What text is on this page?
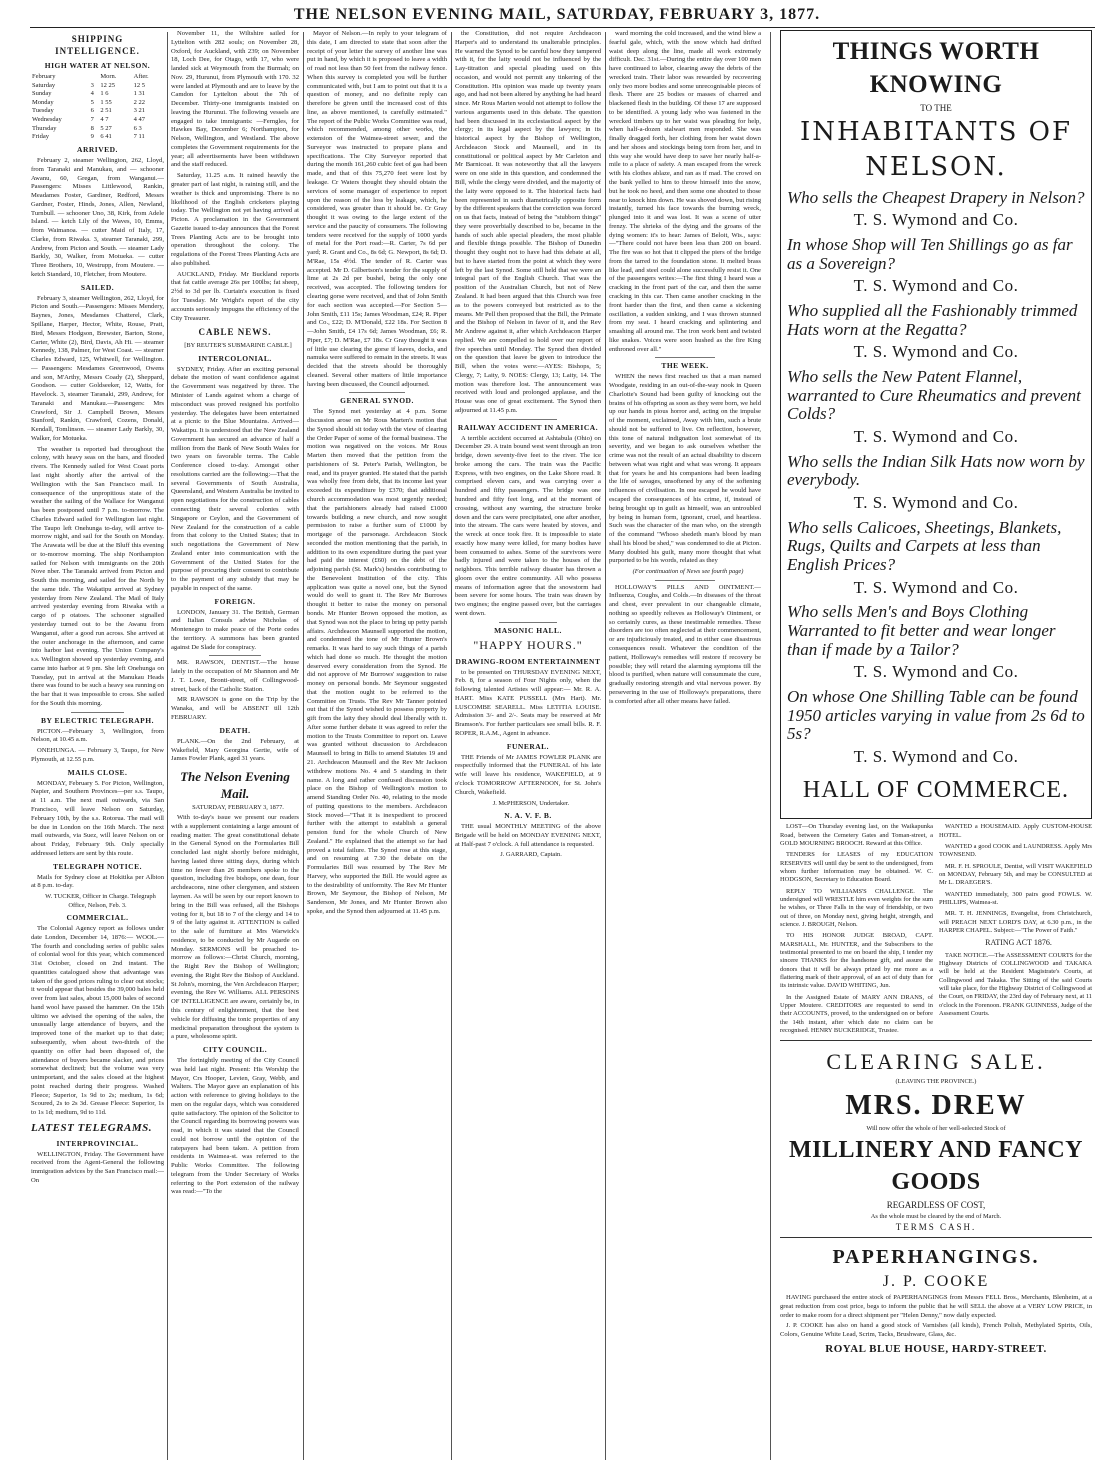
THE NELSON EVENING MAIL, SATURDAY, FEBRUARY 3, 1877.
SHIPPING INTELLIGENCE.
HIGH WATER AT NELSON.
February		Morn.	After.
Saturday	3	12 25	12 5
Sunday	4	1 6	1 31
Monday	5	1 55	2 22
Tuesday	6	2 51	3 21
Wednesday	7	4 7	4 47
Thursday	8	5 27	6 3
Friday	9	6 41	7 11
ARRIVED.

February 2, steamer Wellington, 262, Lloyd, from Taranaki and Manukau, and — schooner Awanu, 60, Gregan, from Wanganui.—Passengers: Misses Littlewood, Rankin, Meadames Foster, Gardiner, Redford, Messrs Gardner, Foster, Hinds, Jones, Allen, Newland, Turnbull. — schooner Uno, 38, Kirk, from Adele Island. — ketch Lily of the Waves, 10, Emms, from Waimanoa. — cutter Maid of Italy, 17, Clarke, from Riwaka. 3, steamer Taranaki, 299, Andrew, from Picton and South. — steamer Lady Barkly, 30, Walker, from Motueka. — cutter Three Brothers, 10, Westrupp, from Moutere. — ketch Standard, 10, Fletcher, from Moutere.

SAILED.

February 3, steamer Wellington, 262, Lloyd, for Picton and South.—Passengers: Misses Mendery, Baynes, Jones, Mesdames Chatterel, Clark, Spillane, Harper, Hector, White, Rouse, Pratt, Bird, Messrs Hodgson, Brewster, Barton, Stone, Carter, White (2), Bird, Davis, Ah Hi. — steamer Kennedy, 138, Palmer, for West Coast. — steamer Charles Edward, 125, Whitwell, for Wellington. — Passengers: Mesdames Greenwood, Owens and son, M'Arthy, Messrs Coady (2), Sheppard, Goodson. — cutter Goldseeker, 12, Watts, for Havelock. 3, steamer Taranaki, 299, Andrew, for Taranaki and Manukau.—Passengers: Mrs Crawford, Sir J. Campbell Brown, Messrs Stanford, Rankin, Crawford, Cozens, Donald, Kendall, Tomlinson. — steamer Lady Barkly, 30, Walker, for Motueka.

The weather is reported bad throughout the colony, with heavy seas on the bars, and flooded rivers. The Kennedy sailed for West Coast ports last night shortly after the arrival of the Wellington with the San Francisco mail. In consequence of the unpropitious state of the weather the sailing of the Wallace for Wanganui has been postponed until 7 p.m. to-morrow. The Charles Edward sailed for Wellington last night. The Taupo left Onehunga to-day, will arrive to-morrow night, and sail for the South on Monday. The Arawata will be due at the Bluff this evening or to-morrow morning. The ship Northampton sailed for Nelson with immigrants on the 20th Nove nber. The Taranaki arrived from Picton and South this morning, and sailed for the North by the same tide. The Wakatipu arrived at Sydney yesterday from New Zealand. The Mail of Italy arrived yesterday evening from Riwaka with a cargo of p otatoes. The schooner signalled yesterday turned out to be the Awanu from Wanganui, after a good run across. She arrived at the outer anchorage in the afternoon, and came into harbor last evening. The Union Company's s.s. Wellington showed up yesterday evening, and came into harbor at 9 pm. She left Onehunga on Tuesday, put in arrival at the Manukau Heads there was found to be such a heavy sea running on the bar that it was impossible to cross. She sailed for the South this morning.

BY ELECTRIC TELEGRAPH.

PICTON.—February 3, Wellington, from Nelson, at 10.45 a.m.

ONEHUNGA. — February 3, Taupo, for New Plymouth, at 12.55 p.m.

MAILS CLOSE.

MONDAY, February 5. For Picton, Wellington, Napier, and Southern Provinces—per s.s. Taupo, at 11 a.m. The next mail outwards, via San Francisco, will leave Nelson on Saturday, February 10th, by the s.s. Rotorua. The mail will be due in London on the 16th March. The next mail outwards, via Suez, will leave Nelson on or about Friday, February 9th. Only specially addressed letters are sent by this route.

TELEGRAPH NOTICE.

Mails for Sydney close at Hokitika per Albion at 8 p.m. to-day.

W. TUCKER, Officer in Charge. Telegraph Office, Nelson, Feb. 3.

COMMERCIAL.

The Colonial Agency report as follows under date London, December 14, 1876:— WOOL.—The fourth and concluding series of public sales of colonial wool for this year, which commenced 31st October, closed on 2nd instant. The quantities catalogued show that advantage was taken of the good prices ruling to clear out stocks; it would appear that besides the 39,000 bales held over from last sales, about 15,000 bales of second hand wool have passed the hammer. On the 15th ultimo we advised the opening of the sales, the unusually large attendance of buyers, and the improved tone of the market up to that date; subsequently, when about two-thirds of the quantity on offer had been disposed of, the attendance of buyers became slacker, and prices somewhat declined; but the volume was very unimportant, and the sales closed at the highest point reached during their progress. Washed Fleece; Superior, 1s 9d to 2s; medium, 1s 6d; Scoured, 2s to 2s 3d. Grease Fleece: Superior, 1s to 1s 1d; medium, 9d to 11d.

LATEST TELEGRAMS.
INTERPROVINCIAL.

WELLINGTON, Friday. The Government have received from the Agent-General the following immigration advices by the San Francisco mail:—On

November 11, the Wiltshire sailed for Lyttelton with 282 souls; on November 28, Oxford, for Auckland, with 239; on November 18, Loch Dee, for Otago, with 17, who were landed sick at Weymouth from the Burmah; on Nov. 29, Hurunui, from Plymouth with 170. 32 were landed at Plymouth and are to leave by the Camdon for Lyttelton about the 7th of December. Thirty-one immigrants insisted on leaving the Hurunui. The following vessels are engaged to take immigrants: —Ferngles, for Hawkes Bay, December 6; Northampton, for Nelson, Wellington, and Westland. The above completes the Government requirements for the year; all advertisements have been withdrawn and the staff reduced.

Saturday, 11.25 a.m. It rained heavily the greater part of last night, is raining still, and the weather is thick and unpromising. There is no likelihood of the English cricketers playing today. The Wellington not yet having arrived at Picton. A proclamation in the Government Gazette issued to-day announces that the Forest Trees Planting Acts are to be brought into operation throughout the colony. The regulations of the Forest Trees Planting Acts are also published.

AUCKLAND, Friday. Mr Buckland reports that fat cattle average 26s per 100lbs; fat sheep, 2½d to 3d per lb. Curtain's execution is fixed for Tuesday. Mr Wright's report of the city accounts seriously impugns the efficiency of the City Treasurer.

CABLE NEWS.

[BY REUTER'S SUBMARINE CABLE.]

INTERCOLONIAL.

SYDNEY, Friday. After an exciting personal debate the motion of want confidence against the Government was negatived by three. The Minister of Lands against whom a charge of misconduct was proved resigned his portfolio yesterday. The delegates have been entertained at a picnic to the Blue Mountains. Arrived—Wakatipu. It is understood that the New Zealand Government has secured an advance of half a million from the Bank of New South Wales for two years on favorable terms. The Cable Conference closed to-day. Amongst other resolutions carried are the following:—That the several Governments of South Australia, Queensland, and Western Australia be invited to open negotiations for the construction of cables connecting their several colonies with Singapore or Ceylon, and the Government of New Zealand for the construction of a cable from that colony to the United States; that in such negotiations the Government of New Zealand enter into communication with the Government of the United States for the purpose of procuring their consent to contribute to the payment of any subsidy that may be payable in respect of the same.

FOREIGN.

LONDON, January 31. The British, German and Italian Consuls advise Nicholas of Montenegro to make peace of the Porte cedes the territory. A summons has been granted against De Slade for conspiracy.

MR. RAWSON, DENTIST.—The house lately in the occupation of Mr Shannon and Mr J. T. Lowe, Bronti-street, off Collingwood-street, back of the Catholic Station.

MR RAWSON is gone on the Trip by the Wanaka, and will be ABSENT till 12th FEBRUARY.

DEATH.

PLANK.—On the 2nd February, at Wakefield, Mary Georgina Gertie, wife of James Fowler Plank, aged 31 years.

The Nelson Evening Mail.

SATURDAY, FEBRUARY 3, 1877.

With to-day's issue we present our readers with a supplement containing a large amount of reading matter. The great constitutional debate in the General Synod on the Formularies Bill concluded last night shortly before midnight, having lasted three sitting days, during which time no fewer than 26 members spoke to the question, including five bishops, one dean, four archdeacons, nine other clergymen, and sixteen laymen. As will be seen by our report known to bring in the Bill was refused, all the Bishops voting for it, but 18 to 7 of the clergy and 14 to 9 of the laity against it. ATTENTION is called to the sale of furniture at Mrs Warwick's residence, to be conducted by Mr Augarde on Monday. SERMONS will be preached to-morrow as follows:—Christ Church, morning, the Right Rev the Bishop of Wellington; evening, the Right Rev the Bishop of Auckland. St John's, morning, the Ven Archdeacon Harper; evening, the Rev W. Williams. ALL PERSONS OF INTELLIGENCE are aware, certainly be, in this century of enlightenment, that the best vehicle for diffusing the tonic properties of any medicinal preparation throughout the system is a pure, wholesome spirit.

CITY COUNCIL.

The fortnightly meeting of the City Council was held last night. Present: His Worship the Mayor, Crs Hooper, Levien, Gray, Webb, and Walters. The Mayor gave an explanation of his action with reference to giving holidays to the men on the regular days, which was considered quite satisfactory. The opinion of the Solicitor to the Council regarding its borrowing powers was read, in which it was stated that the Council could not borrow until the opinion of the ratepayers had been taken. A petition from residents in Waimea-st. was referred to the Public Works Committee. The following telegram from the Under Secretary of Works referring to the Port extension of the railway was read:—"To the

Mayor of Nelson.—In reply to your telegram of this date, I am directed to state that soon after the receipt of your letter the survey of another line was put in hand, by which it is proposed to leave a width of road not less than 50 feet from the railway fence. When this survey is completed you will be further communicated with, but I am to point out that it is a question of money, and no definite reply can therefore be given until the increased cost of this line, as above mentioned, is carefully estimated." The report of the Public Works Committee was read, which recommended, among other works, the extension of the Waimea-street sewer, and the Surveyor was instructed to prepare plans and specifications. The City Surveyor reported that during the month 161,260 cubic feet of gas had been made, and that of this 75,270 feet were lost by leakage. Cr Waters thought they should obtain the services of some manager of experience to report upon the reason of the loss by leakage, which, he considered, was greater than it should be. Cr Gray thought it was owing to the large extent of the service and the paucity of consumers. The following tenders were received for the supply of 1000 yards of metal for the Port road:—R. Carter, 7s 6d per yard; R. Grant and Co., 8s 6d; G. Newport, 8s 6d; D. M'Rae, 15s 4½d. The tender of R. Carter was accepted. Mr D. Gilbertson's tender for the supply of lime at 2s 2d per bushel, being the only one received, was accepted. The following tenders for clearing gorse were received, and that of John Smith for each section was accepted.—For Section 5—John Smith, £11 15s; James Woodman, £24; R. Piper and Co., £22; D. M'Donald, £22 18s. For Section 8—John Smith, £4 17s 6d; James Woodman, £6; R. Piper, £7; D. M'Rae, £7 18s. Cr Gray thought it was of little use clearing the gorse if leaves, docks, and namuka were suffered to remain in the streets. It was decided that the streets should be thoroughly cleaned. Several other matters of little importance having been discussed, the Council adjourned.

GENERAL SYNOD.

The Synod met yesterday at 4 p.m. Some discussion arose on Mr Rous Marten's motion that the Synod should sit today with the view of clearing the Order Paper of some of the formal business. The motion was negatived on the voices. Mr Rous Marten then moved that the petition from the parishioners of St. Peter's Parish, Wellington, be read, and its prayer granted. He stated that the parish was wholly free from debt, that its income last year exceeded its expenditure by £370; that additional church accommodation was most urgently needed; that the parishioners already had raised £1000 towards building a new church, and now sought permission to raise a further sum of £1000 by mortgage of the parsonage. Archdeacon Stock seconded the motion mentioning that the parish, in addition to its own expenditure during the past year had paid the interest (£60) on the debt of the adjoining parish (St. Mark's) besides contributing to the Benevolent Institution of the city. This application was quite a novel one, but the Synod would do well to grant it. The Rev Mr Burrows thought it better to raise the money on personal bonds. Mr Hunter Brown opposed the motion, as that Synod was not the place to bring up petty parish affairs. Archdeacon Maunsell supported the motion, and condemned the tone of Mr Hunter Brown's remarks. It was hard to say such things of a parish which had done so much. He thought the motion deserved every consideration from the Synod. He did not approve of Mr Burrows' suggestion to raise money on personal bonds. Mr Seymour suggested that the motion ought to be referred to the Committee on Trusts. The Rev Mr Tanner pointed out that if the Synod wished to possess property by gift from the laity they should deal liberally with it. After some further debate it was agreed to refer the motion to the Trusts Committee to report on. Leave was granted without discussion to Archdeacon Maunsell to bring in Bills to amend Statutes 19 and 21. Archdeacon Maunsell and the Rev Mr Jackson withdrew motions No. 4 and 5 standing in their name. A long and rather confused discussion took place on the Bishop of Wellington's motion to amend Standing Order No. 40, relating to the mode of putting questions to the members. Archdeacon Stock moved—"That it is inexpedient to proceed further with the attempt to establish a general pension fund for the whole Church of New Zealand." He explained that the attempt so far had proved a total failure. The Synod rose at this stage, and on resuming at 7.30 the debate on the Formularies Bill was resumed by The Rev Mr Harvey, who supported the Bill. He would agree as to the desirability of uniformity. The Rev Mr Hunter Brown, Mr Seymour, the Bishop of Nelson, Mr Sanderson, Mr Jones, and Mr Hunter Brown also spoke, and the Synod then adjourned at 11.45 p.m.

the Constitution, did not require Archdeacon Harper's aid to understand its unalterable principles. He warned the Synod to be careful how they tampered with it, for the laity would not be influenced by the Lay-titration and special pleading used on this occasion, and would not permit any tinkering of the Constitution. His opinion was made up twenty years ago, and had not been altered by anything he had heard since. Mr Rous Marten would not attempt to follow the various arguments used in this debate. The question had been discussed in its ecclesiastical aspect by the clergy; in its legal aspect by the lawyers; in its historical aspect by the Bishop of Wellington, Archdeacon Stock and Maunsell, and in its constitutional or political aspect by Mr Carleton and Mr Barnicoat. It was noteworthy that all the lawyers were on one side in this question, and condemned the Bill, while the clergy were divided, and the majority of the laity were opposed to it. The historical facts had been represented in such diametrically opposite form by the different speakers that the conviction was forced on us that facts, instead of being the "stubborn things" they were proverbially described to be, became in the hands of such able special pleaders, the most pliable and flexible things possible. The Bishop of Dunedin thought they ought not to have had this debate at all, but to have started from the point at which they were left by the last Synod. Some still held that we were an integral part of the English Church. That was the position of the Australian Church, but not of New Zealand. It had been argued that this Church was free as to the powers conveyed but restricted as to the means. Mr Pell then proposed that the Bill, the Primate and the Bishop of Nelson in favor of it, and the Rev Mr Andrew against it, after which Archdeacon Harper replied. We are compelled to hold over our report of five speeches until Monday. The Synod then divided on the question that leave be given to introduce the Bill, when the votes were:—AYES: Bishops, 5; Clergy, 7; Laity, 9. NOES: Clergy, 13; Laity, 14. The motion was therefore lost. The announcement was received with loud and prolonged applause, and the House was one of great excitement. The Synod then adjourned at 11.45 p.m.

RAILWAY ACCIDENT IN AMERICA.

A terrible accident occurred at Ashtabula (Ohio) on December 29. A train bound west went through an iron bridge, down seventy-five feet to the river. The ice broke among the cars. The train was the Pacific Express, with two engines, on the Lake Shore road. It comprised eleven cars, and was carrying over a hundred and fifty passengers. The bridge was one hundred and fifty feet long, and at the moment of crossing, without any warning, the structure broke down and the cars were precipitated, one after another, into the stream. The cars were heated by stoves, and the wreck at once took fire. It is impossible to state exactly how many were killed, for many bodies have been consumed to ashes. Some of the survivors were badly injured and were taken to the houses of the neighbors. This terrible railway disaster has thrown a gloom over the entire community. All who possess means of information agree that the snowstorm had been severe for some hours. The train was drawn by two engines; the engine passed over, but the carriages went down.

MASONIC HALL.
"HAPPY HOURS."
DRAWING-ROOM ENTERTAINMENT

to be presented on THURSDAY EVENING NEXT, Feb. 8, for a season of Four Nights only, when the following talented Artistes will appear:— Mr. R. A. HART. Miss KATE PUSSELL (Mrs Hart). Mr. LUSCOMBE SEARELL. Miss LETITIA LOUISE. Admission 3/- and 2/-. Seats may be reserved at Mr Bramson's. For further particulars see small bills. R. F. ROPER, R.A.M., Agent in advance.

FUNERAL.

THE Friends of Mr JAMES FOWLER PLANK are respectfully informed that the FUNERAL of his late wife will leave his residence, WAKEFIELD, at 9 o'clock TOMORROW AFTERNOON, for St. John's Church, Wakefield.

J. McPHERSON, Undertaker.

N. A. V. F. B.

THE usual MONTHLY MEETING of the above Brigade will be held on MONDAY EVENING NEXT, at Half-past 7 o'clock. A full attendance is requested.

J. GARRARD, Captain.

ward morning the cold increased, and the wind blew a fearful gale, which, with the snow which had drifted waist deep along the line, made all work extremely difficult. Dec. 31st.—During the entire day over 100 men have continued to labor, clearing away the debris of the wrecked train. Their labor was rewarded by recovering only two more bodies and some unrecognisable pieces of flesh. There are 25 bodies or masses of charred and blackened flesh in the building. Of these 17 are supposed to be identified. A young lady who was fastened in the wrecked timbers up to her waist was pleading for help, when half-a-dozen stalwart men responded. She was finally dragged forth, her clothing from her waist down and her shoes and stockings being torn from her, and in this way she would have deep to save her nearly half-a-mile to a place of safety. A man escaped from the wreck with his clothes ablaze, and ran as if mad. The crowd on the bank yelled to him to throw himself into the snow, but he took no heed, and then some one shouted to those near to knock him down. He was shoved down, but rising instantly, turned his face towards the burning wreck, plunged into it and was lost. It was a scene of utter frenzy. The shrieks of the dying and the groans of the dying women: it's to hear: James of Beloit, Wis., says:—"There could not have been less than 200 on board. The fire was so hot that it clipped the piers of the bridge from the tarred to the foundation stone. It melted brass like lead, and steel could alone successfully resist it. One of the passengers writes:—The first thing I heard was a cracking in the front part of the car, and then the same cracking in this car. Then came another cracking in the front harder than the first, and then came a sickening oscillation, a sudden sinking, and I was thrown stunned from my seat. I heard cracking and splintering and smashing all around me. The iron work bent and twisted like snakes. Voices were soon hushed as the fire King enthroned over all."

THE WEEK.

WHEN the news first reached us that a man named Woodgate, residing in an out-of-the-way nook in Queen Charlotte's Sound had been guilty of knocking out the brains of his offspring as soon as they were born, we held up our hands in pious horror and, acting on the impulse of the moment, exclaimed, Away with him, such a brute should not be suffered to live. On reflection, however, this tone of natural indignation lost somewhat of its severity, and we began to ask ourselves whether the crime was not the result of an actual disability to discern between what was right and what was wrong. It appears that for years he and his companions had been leading the life of savages, unsoftened by any of the softening influences of civilisation. In one escaped he would have escaped the consequences of his crime, if, instead of being brought up in guilt as himself, was an untroubled by being in human form, ignorant, cruel, and heartless. Such was the character of the man who, on the strength of the command "Whoso shedeth man's blood by man shall his blood be shed," was condemned to die at Picton. Many doubted his guilt, many more thought that what purported to be his words, related as they

(For continuation of News see fourth page)

HOLLOWAY'S PILLS AND OINTMENT.—Influenza, Coughs, and Colds.—In diseases of the throat and chest, ever prevalent in our changeable climate, nothing so speedily relieves as Holloway's Ointment, or so certainly cures, as these inestimable remedies. These disorders are too often neglected at their commencement, or are injudiciously treated, and in either case disastrous consequences result. Whatever the condition of the patient, Holloway's remedies will restore if recovery be possible; they will retard the alarming symptoms till the blood is purified, when nature will consummate the cure, gradually restoring strength and vital nervous power. By persevering in the use of Holloway's preparations, there is comforted after all other means have failed.

THINGS WORTH KNOWING
TO THE
INHABITANTS OF NELSON.
Who sells the Cheapest Drapery in Nelson?
T. S. Wymond and Co.
In whose Shop will Ten Shillings go as far as a Sovereign?
T. S. Wymond and Co.
Who supplied all the Fashionably trimmed Hats worn at the Regatta?
T. S. Wymond and Co.
Who sells the New Patent Flannel, warranted to Cure Rheumatics and prevent Colds?
T. S. Wymond and Co.
Who sells the Indian Silk Hats now worn by everybody.
T. S. Wymond and Co.
Who sells Calicoes, Sheetings, Blankets, Rugs, Quilts and Carpets at less than English Prices?
T. S. Wymond and Co.
Who sells Men's and Boys Clothing Warranted to fit better and wear longer than if made by a Tailor?
T. S. Wymond and Co.
On whose One Shilling Table can be found 1950 articles varying in value from 2s 6d to 5s?
T. S. Wymond and Co.
HALL OF COMMERCE.

LOST—On Thursday evening last, on the Waikapunka Road, between the Cemetery Gates and Toman-street, a GOLD MOURNING BROOCH. Reward at this Office.

TENDERS for LEASES of my EDUCATION RESERVES will until day be sent to the undersigned, from whom further information may be obtained. W. C. HODGSON, Secretary to Education Board.

REPLY TO WILLIAMS'S CHALLENGE. The undersigned will WRESTLE him even weights for the sum he wishes, or Three Falls in the way of friendship, or two out of three, on Monday next, giving height, strength, and science. J. BROUGH, Nelson.

TO HIS HONOR JUDGE BROAD, CAPT. MARSHALL, Mr. HUNTER, and the Subscribers to the testimonial presented to me on board the ship, I tender my sincere THANKS for the handsome gift, and assure the donors that it will be always prized by me more as a flattering mark of their approval, of an act of duty than for its intrinsic value. DAVID WHITING, Jun.

In the Assigned Estate of MARY ANN DRANS, of Upper Moutere. CREDITORS are requested to send in their ACCOUNTS, proved, to the undersigned on or before the 14th instant, after which date no claim can be recognised. HENRY BUCKERIDGE, Trustee.

WANTED a HOUSEMAID. Apply CUSTOM-HOUSE HOTEL.

WANTED a good COOK and LAUNDRESS. Apply Mrs TOWNSEND.

MR. F. H. SPROULE, Dentist, will VISIT WAKEFIELD on MONDAY, February 5th, and may be CONSULTED at Mr L. DRAEGER'S.

WANTED immediately, 300 pairs good FOWLS. W. PHILLIPS, Waimea-st.

MR. T. H. JENNINGS, Evangelist, from Christchurch, will PREACH NEXT LORD'S DAY, at 6.30 p.m., in the HARPER CHAPEL. Subject:—"The Power of Faith."

RATING ACT 1876.

TAKE NOTICE.—The ASSESSMENT COURTS for the Highway Districts of COLLINGWOOD and TAKAKA will be held at the Resident Magistrate's Courts, at Collingwood and Takaka. The Sitting of the said Courts will take place, for the Highway District of Collingwood at the Court, on FRIDAY, the 23rd day of February next, at 11 o'clock in the Forenoon. FRANK GUINNESS, Judge of the Assessment Courts.

CLEARING SALE.
(LEAVING THE PROVINCE.)
MRS. DREW
Will now offer the whole of her well-selected Stock of
MILLINERY AND FANCY GOODS
REGARDLESS OF COST,
As the whole must be cleared by the end of March.
TERMS CASH.
PAPERHANGINGS.
J. P. COOKE

HAVING purchased the entire stock of PAPERHANGINGS from Messrs FELL Bros., Merchants, Blenheim, at a great reduction from cost price, begs to inform the public that he will SELL the above at a VERY LOW PRICE, in order to make room for a direct shipment per "Helen Denny," now daily expected.

J. P. COOKE has also on hand a good stock of Varnishes (all kinds), French Polish, Methylated Spirits, Oils, Colors, Genuine White Lead, Scrim, Tacks, Brushware, Glass, &c.

ROYAL BLUE HOUSE, HARDY-STREET.
